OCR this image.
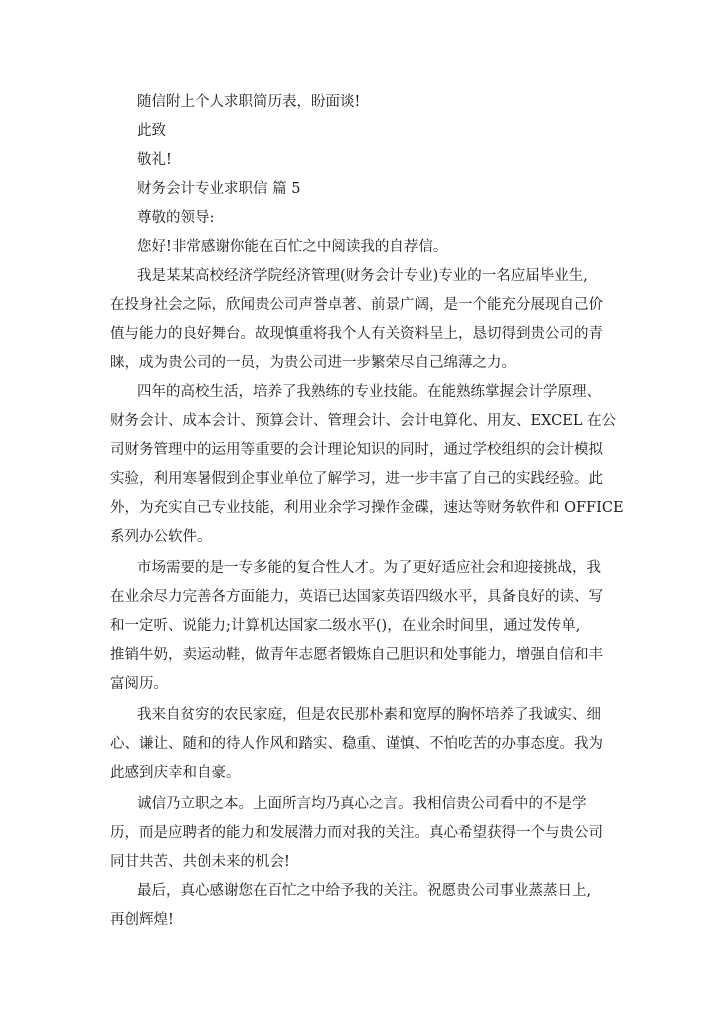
随信附上个人求职简历表，盼面谈!

此致

敬礼!

财务会计专业求职信 篇 5

尊敬的领导:

您好!非常感谢你能在百忙之中阅读我的自荐信。

我是某某高校经济学院经济管理(财务会计专业)专业的一名应届毕业生,
在投身社会之际，欣闻贵公司声誉卓著、前景广阔，是一个能充分展现自己价
值与能力的良好舞台。故现慎重将我个人有关资料呈上，恳切得到贵公司的青
睐，成为贵公司的一员，为贵公司进一步繁荣尽自己绵薄之力。

四年的高校生活，培养了我熟练的专业技能。在能熟练掌握会计学原理、
财务会计、成本会计、预算会计、管理会计、会计电算化、用友、EXCEL 在公
司财务管理中的运用等重要的会计理论知识的同时，通过学校组织的会计模拟
实验，利用寒暑假到企事业单位了解学习，进一步丰富了自己的实践经验。此
外，为充实自己专业技能，利用业余学习操作金碟，速达等财务软件和 OFFICE
系列办公软件。

市场需要的是一专多能的复合性人才。为了更好适应社会和迎接挑战，我
在业余尽力完善各方面能力，英语已达国家英语四级水平，具备良好的读、写
和一定听、说能力;计算机达国家二级水平()，在业余时间里，通过发传单,
推销牛奶，卖运动鞋，做青年志愿者锻炼自己胆识和处事能力，增强自信和丰
富阅历。

我来自贫穷的农民家庭，但是农民那朴素和宽厚的胸怀培养了我诚实、细
心、谦让、随和的待人作风和踏实、稳重、谨慎、不怕吃苦的办事态度。我为
此感到庆幸和自豪。

诚信乃立职之本。上面所言均乃真心之言。我相信贵公司看中的不是学
历，而是应聘者的能力和发展潜力而对我的关注。真心希望获得一个与贵公司
同甘共苦、共创未来的机会!

最后，真心感谢您在百忙之中给予我的关注。祝愿贵公司事业蒸蒸日上,
再创辉煌!
